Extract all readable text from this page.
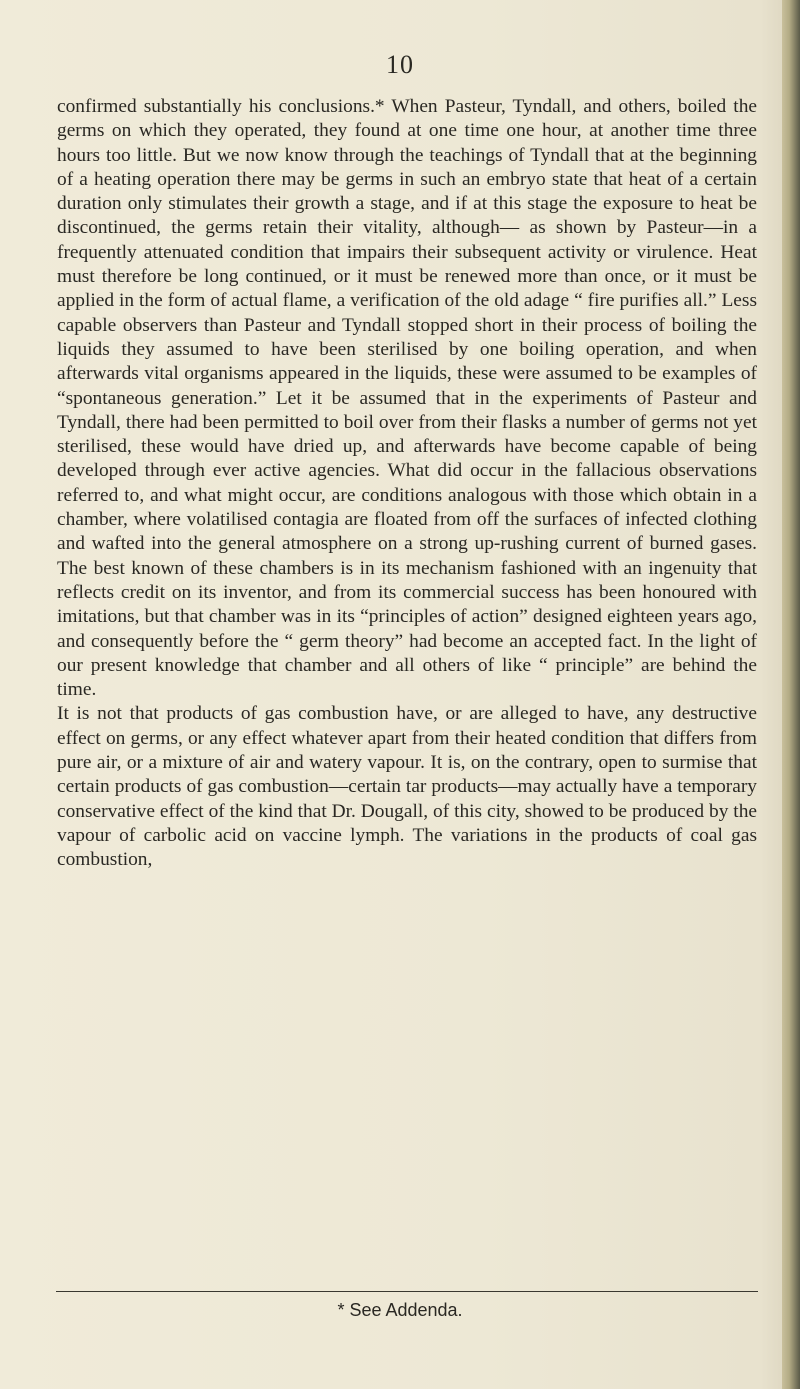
10

confirmed substantially his conclusions.* When Pasteur, Tyndall, and others, boiled the germs on which they operated, they found at one time one hour, at another time three hours too little. But we now know through the teachings of Tyndall that at the beginning of a heating operation there may be germs in such an embryo state that heat of a certain duration only stimulates their growth a stage, and if at this stage the exposure to heat be discontinued, the germs retain their vitality, although— as shown by Pasteur—in a frequently attenuated condition that impairs their subsequent activity or virulence. Heat must therefore be long continued, or it must be renewed more than once, or it must be applied in the form of actual flame, a verification of the old adage “ fire purifies all.” Less capable observers than Pasteur and Tyndall stopped short in their process of boiling the liquids they assumed to have been sterilised by one boiling operation, and when afterwards vital organisms appeared in the liquids, these were assumed to be examples of “spontaneous generation.” Let it be assumed that in the experiments of Pasteur and Tyndall, there had been permitted to boil over from their flasks a number of germs not yet sterilised, these would have dried up, and afterwards have become capable of being developed through ever active agencies. What did occur in the fallacious observations referred to, and what might occur, are conditions analogous with those which obtain in a chamber, where volatilised contagia are floated from off the surfaces of infected clothing and wafted into the general atmosphere on a strong up-rushing current of burned gases. The best known of these chambers is in its mechanism fashioned with an ingenuity that reflects credit on its inventor, and from its commercial success has been honoured with imitations, but that chamber was in its “principles of action” designed eighteen years ago, and consequently before the “ germ theory” had become an accepted fact. In the light of our present knowledge that chamber and all others of like “ principle” are behind the time.

It is not that products of gas combustion have, or are alleged to have, any destructive effect on germs, or any effect whatever apart from their heated condition that differs from pure air, or a mixture of air and watery vapour. It is, on the contrary, open to surmise that certain products of gas combustion—certain tar products—may actually have a temporary conservative effect of the kind that Dr. Dougall, of this city, showed to be produced by the vapour of carbolic acid on vaccine lymph. The variations in the products of coal gas combustion,

* See Addenda.
